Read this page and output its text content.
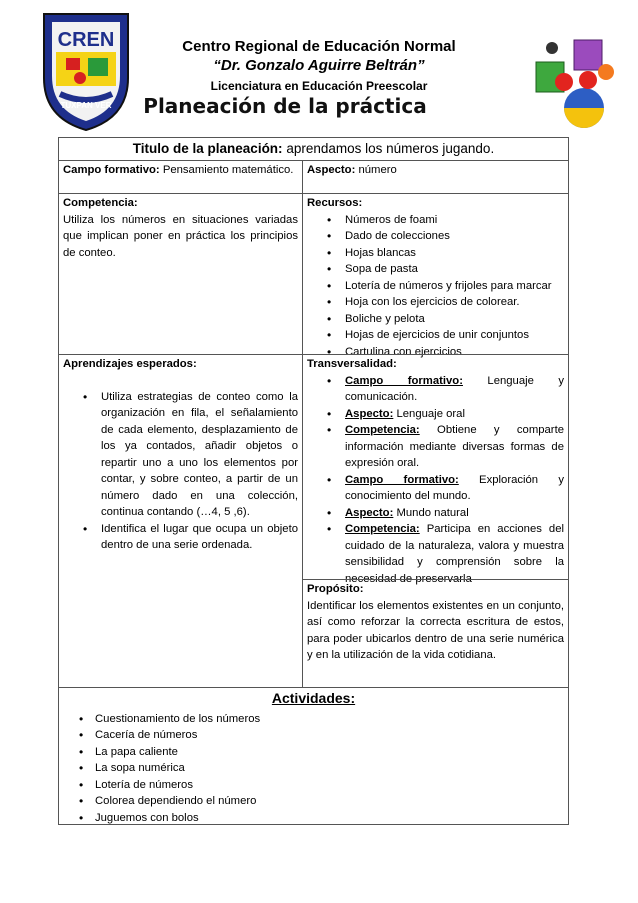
CREN
TUXPAN VER
Centro Regional de Educación Normal
“Dr. Gonzalo Aguirre Beltrán”
Licenciatura en Educación Preescolar
Planeación de la práctica
Titulo de la planeación: aprendamos los números jugando.
Campo formativo: Pensamiento matemático.	Aspecto: número
Competencia:
Utiliza los números en situaciones variadas que implican poner en práctica los principios de conteo.
Recursos:
• Números de foami
• Dado de colecciones
• Hojas blancas
• Sopa de pasta
• Lotería de números y frijoles para marcar
• Hoja con los ejercicios de colorear.
• Boliche y pelota
• Hojas de ejercicios de unir conjuntos
• Cartulina con ejercicios
Aprendizajes esperados:
• Utiliza estrategias de conteo como la organización en fila, el señalamiento de cada elemento, desplazamiento de los ya contados, añadir objetos o repartir uno a uno los elementos por contar, y sobre conteo, a partir de un número dado en una colección, continua contando (…4, 5 ,6).
• Identifica el lugar que ocupa un objeto dentro de una serie ordenada.
Transversalidad:
• Campo formativo: Lenguaje y comunicación.
• Aspecto: Lenguaje oral
• Competencia: Obtiene y comparte información mediante diversas formas de expresión oral.
• Campo formativo: Exploración y conocimiento del mundo.
• Aspecto: Mundo natural
• Competencia: Participa en acciones del cuidado de la naturaleza, valora y muestra sensibilidad y comprensión sobre la necesidad de preservarla
Propósito:
Identificar los elementos existentes en un conjunto, así como reforzar la correcta escritura de estos, para poder ubicarlos dentro de una serie numérica y en la utilización de la vida cotidiana.
Actividades:
• Cuestionamiento de los números
• Cacería de números
• La papa caliente
• La sopa numérica
• Lotería de números
• Colorea dependiendo el número
• Juguemos con bolos
